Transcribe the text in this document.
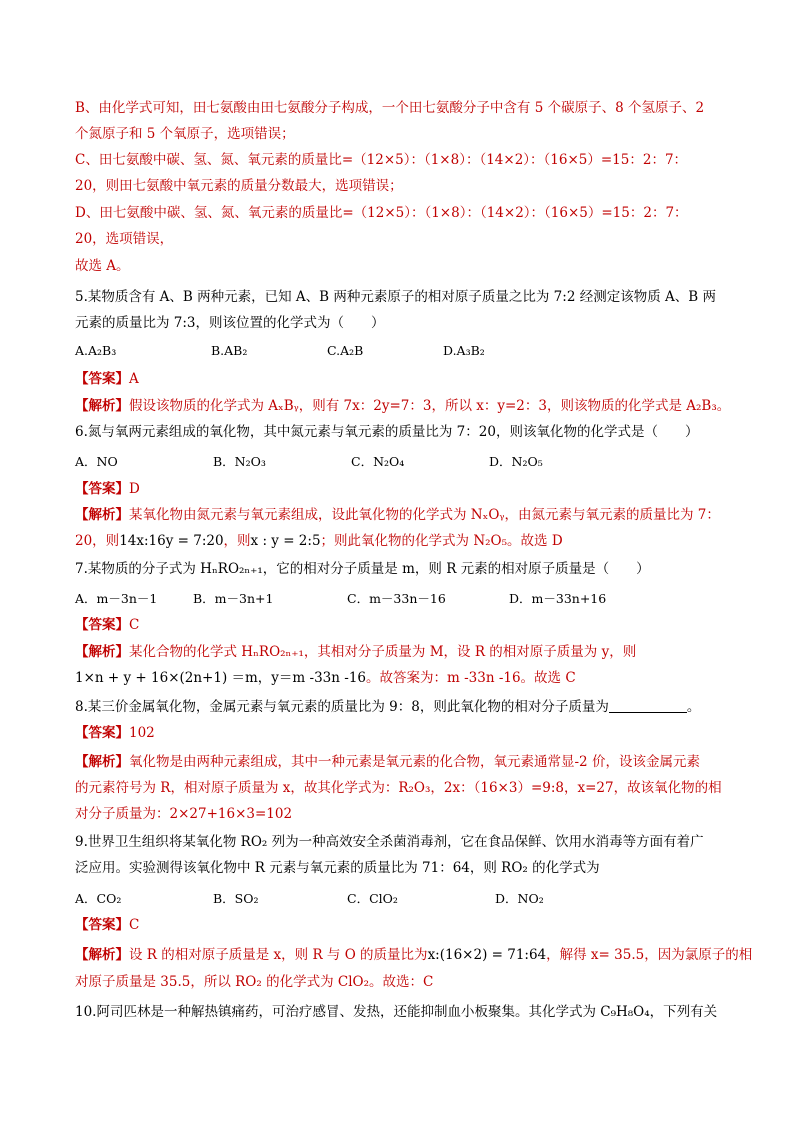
B、由化学式可知，田七氨酸由田七氨酸分子构成，一个田七氨酸分子中含有 5 个碳原子、8 个氢原子、2
个氮原子和 5 个氧原子，选项错误；
C、田七氨酸中碳、氢、氮、氧元素的质量比=（12×5）：（1×8）：（14×2）：（16×5）=15：2：7：
20，则田七氨酸中氧元素的质量分数最大，选项错误；
D、田七氨酸中碳、氢、氮、氧元素的质量比=（12×5）：（1×8）：（14×2）：（16×5）=15：2：7：
20，选项错误，
故选 A。
5.某物质含有 A、B 两种元素，已知 A、B 两种元素原子的相对原子质量之比为 7:2 经测定该物质 A、B 两
元素的质量比为 7:3，则该位置的化学式为（　　）
A.A₂B₃	B.AB₂	C.A₂B	D.A₃B₂
【答案】A
【解析】假设该物质的化学式为 AₓBᵧ，则有 7x：2y=7：3，所以 x：y=2：3，则该物质的化学式是 A₂B₃。
6.氮与氧两元素组成的氧化物，其中氮元素与氧元素的质量比为 7：20，则该氧化物的化学式是（　　）
A．NO	B．N₂O₃	C．N₂O₄	D．N₂O₅
【答案】D
【解析】某氧化物由氮元素与氧元素组成，设此氧化物的化学式为 NₓOᵧ，由氮元素与氧元素的质量比为 7：
20，则14x:16y = 7:20，则x : y = 2:5；则此氧化物的化学式为 N₂O₅。故选 D
7.某物质的分子式为 HₙRO₂ₙ₊₁，它的相对分子质量是 m，则 R 元素的相对原子质量是（　　）
A．m－3n－1	B．m－3n+1	C．m－33n－16	D．m－33n+16
【答案】C
【解析】某化合物的化学式 HₙRO₂ₙ₊₁，其相对分子质量为 M，设 R 的相对原子质量为 y，则
1×n + y + 16×(2n+1) ＝m，y＝m -33n -16。故答案为：m -33n -16。故选 C
8.某三价金属氧化物，金属元素与氧元素的质量比为 9：8，则此氧化物的相对分子质量为	。
【答案】102
【解析】氧化物是由两种元素组成，其中一种元素是氧元素的化合物，氧元素通常显-2 价，设该金属元素
的元素符号为 R，相对原子质量为 x，故其化学式为：R₂O₃，2x：（16×3）=9:8，x=27，故该氧化物的相
对分子质量为：2×27+16×3=102
9.世界卫生组织将某氧化物 RO₂ 列为一种高效安全杀菌消毒剂，它在食品保鲜、饮用水消毒等方面有着广
泛应用。实验测得该氧化物中 R 元素与氧元素的质量比为 71：64，则 RO₂ 的化学式为
A．CO₂	B．SO₂	C．ClO₂	D．NO₂
【答案】C
【解析】设 R 的相对原子质量是 x，则 R 与 O 的质量比为x:(16×2) = 71:64，解得 x= 35.5，因为氯原子的相
对原子质量是 35.5，所以 RO₂ 的化学式为 ClO₂。故选：C
10.阿司匹林是一种解热镇痛药，可治疗感冒、发热，还能抑制血小板聚集。其化学式为 C₉H₈O₄，下列有关
